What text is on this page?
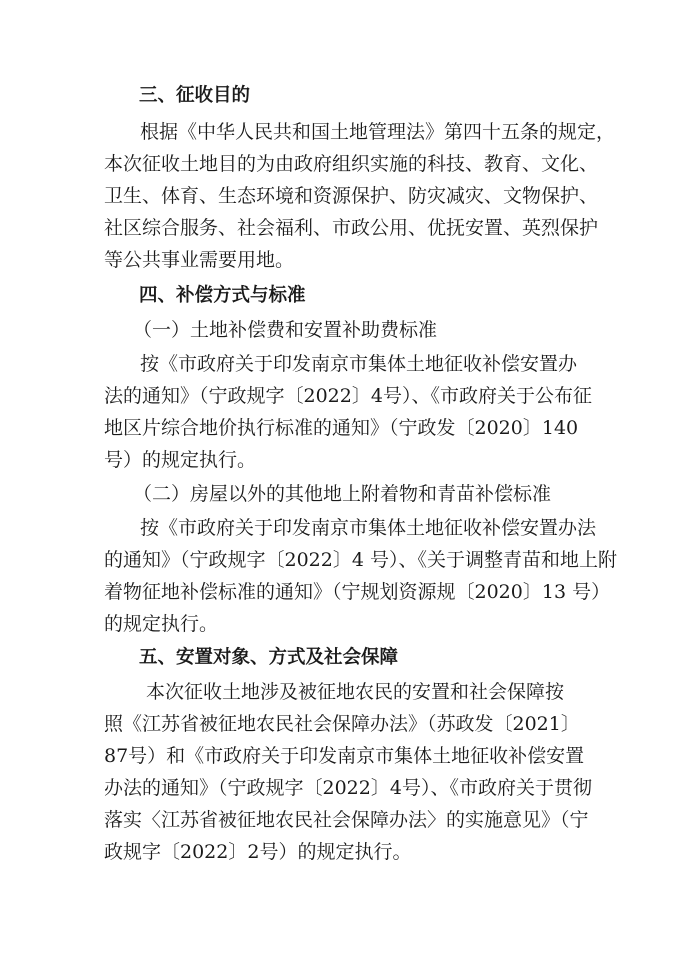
三、征收目的
根据《中华人民共和国土地管理法》第四十五条的规定，
本次征收土地目的为由政府组织实施的科技、教育、文化、
卫生、体育、生态环境和资源保护、防灾减灾、文物保护、
社区综合服务、社会福利、市政公用、优抚安置、英烈保护
等公共事业需要用地。
四、补偿方式与标准
（一）土地补偿费和安置补助费标准
按《市政府关于印发南京市集体土地征收补偿安置办
法的通知》（宁政规字〔2022〕4号）、《市政府关于公布征
地区片综合地价执行标准的通知》（宁政发〔2020〕140
号）的规定执行。
（二）房屋以外的其他地上附着物和青苗补偿标准
按《市政府关于印发南京市集体土地征收补偿安置办法
的通知》（宁政规字〔2022〕4 号）、《关于调整青苗和地上附
着物征地补偿标准的通知》（宁规划资源规〔2020〕13 号）
的规定执行。
五、安置对象、方式及社会保障
本次征收土地涉及被征地农民的安置和社会保障按
照《江苏省被征地农民社会保障办法》（苏政发〔2021〕
87号）和《市政府关于印发南京市集体土地征收补偿安置
办法的通知》（宁政规字〔2022〕4号）、《市政府关于贯彻
落实〈江苏省被征地农民社会保障办法〉的实施意见》（宁
政规字〔2022〕2号）的规定执行。
